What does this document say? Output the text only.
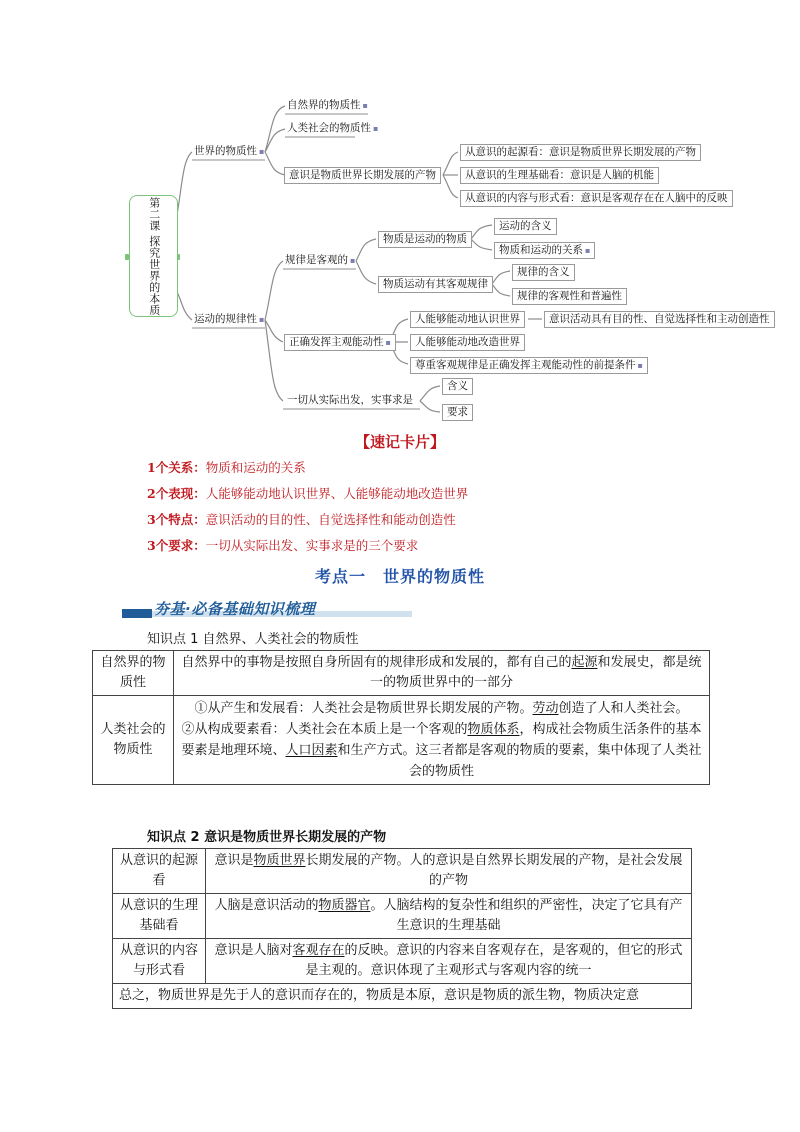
第二课 探究世界的本质
世界的物质性 ▪
自然界的物质性 ▪
人类社会的物质性 ▪
意识是物质世界长期发展的产物
从意识的起源看：意识是物质世界长期发展的产物
从意识的生理基础看：意识是人脑的机能
从意识的内容与形式看：意识是客观存在在人脑中的反映
运动的规律性 ▪
规律是客观的 ▪
物质是运动的物质
运动的含义
物质和运动的关系 ▪
物质运动有其客观规律
规律的含义
规律的客观性和普遍性
正确发挥主观能动性 ▪
人能够能动地认识世界	意识活动具有目的性、自觉选择性和主动创造性
人能够能动地改造世界
尊重客观规律是正确发挥主观能动性的前提条件 ▪
一切从实际出发，实事求是
含义
要求
【速记卡片】
1个关系：物质和运动的关系
2个表现：人能够能动地认识世界、人能够能动地改造世界
3个特点：意识活动的目的性、自觉选择性和能动创造性
3个要求：一切从实际出发、实事求是的三个要求
考点一　世界的物质性
夯基·必备基础知识梳理
知识点 1 自然界、人类社会的物质性
自然界的物质性	自然界中的事物是按照自身所固有的规律形成和发展的，都有自己的起源和发展史，都是统一的物质世界中的一部分
人类社会的物质性	①从产生和发展看：人类社会是物质世界长期发展的产物。劳动创造了人和人类社会。
②从构成要素看：人类社会在本质上是一个客观的物质体系，构成社会物质生活条件的基本要素是地理环境、人口因素和生产方式。这三者都是客观的物质的要素，集中体现了人类社会的物质性
知识点 2 意识是物质世界长期发展的产物
从意识的起源看	意识是物质世界长期发展的产物。人的意识是自然界长期发展的产物，是社会发展的产物
从意识的生理基础看	人脑是意识活动的物质器官。人脑结构的复杂性和组织的严密性，决定了它具有产生意识的生理基础
从意识的内容与形式看	意识是人脑对客观存在的反映。意识的内容来自客观存在，是客观的，但它的形式是主观的。意识体现了主观形式与客观内容的统一
总之，物质世界是先于人的意识而存在的，物质是本原，意识是物质的派生物，物质决定意	
